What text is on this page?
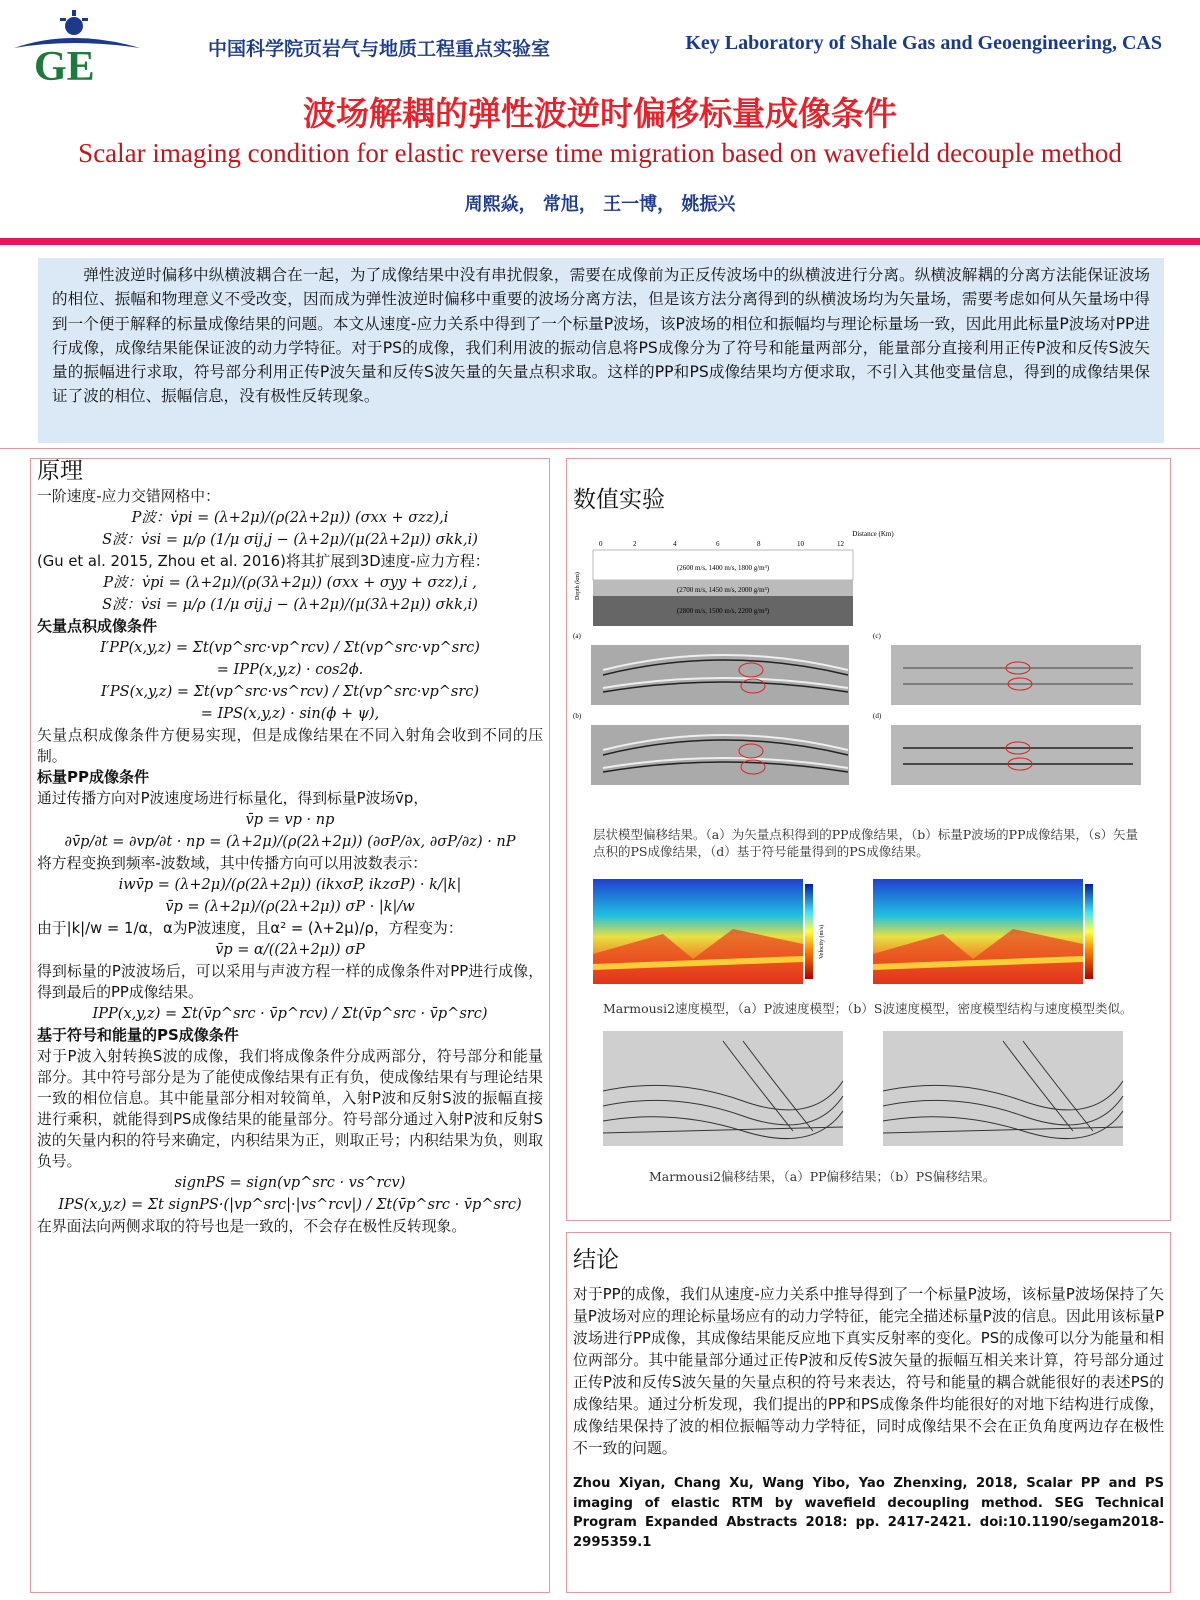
GE	中国科学院页岩气与地质工程重点实验室	Key Laboratory of Shale Gas and Geoengineering, CAS
波场解耦的弹性波逆时偏移标量成像条件
Scalar imaging condition for elastic reverse time migration based on wavefield decouple method
周熙焱， 常旭， 王一博， 姚振兴
弹性波逆时偏移中纵横波耦合在一起，为了成像结果中没有串扰假象，需要在成像前为正反传波场中的纵横波进行分离。纵横波解耦的分离方法能保证波场的相位、振幅和物理意义不受改变，因而成为弹性波逆时偏移中重要的波场分离方法，但是该方法分离得到的纵横波场均为矢量场，需要考虑如何从矢量场中得到一个便于解释的标量成像结果的问题。本文从速度-应力关系中得到了一个标量P波场，该P波场的相位和振幅均与理论标量场一致，因此用此标量P波场对PP进行成像，成像结果能保证波的动力学特征。对于PS的成像，我们利用波的振动信息将PS成像分为了符号和能量两部分，能量部分直接利用正传P波和反传S波矢量的振幅进行求取，符号部分利用正传P波矢量和反传S波矢量的矢量点积求取。这样的PP和PS成像结果均方便求取，不引入其他变量信息，得到的成像结果保证了波的相位、振幅信息，没有极性反转现象。
原理
一阶速度-应力交错网格中：
P波：v̇pi = (λ+2μ)/(ρ(2λ+2μ)) (σxx + σzz),i
S波：v̇si = μ/ρ (1/μ σij,j − (λ+2μ)/(μ(2λ+2μ)) σkk,i)
(Gu et al. 2015, Zhou et al. 2016)将其扩展到3D速度-应力方程：
P波：v̇pi = (λ+2μ)/(ρ(3λ+2μ)) (σxx + σyy + σzz),i ,
S波：v̇si = μ/ρ (1/μ σij,j − (λ+2μ)/(μ(3λ+2μ)) σkk,i)
矢量点积成像条件
I′PP(x,y,z) = Σt(vp^src·vp^rcv) / Σt(vp^src·vp^src)
= IPP(x,y,z) · cos2ϕ.
I′PS(x,y,z) = Σt(vp^src·vs^rcv) / Σt(vp^src·vp^src)
= IPS(x,y,z) · sin(ϕ + ψ),
矢量点积成像条件方便易实现，但是成像结果在不同入射角会收到不同的压制。
标量PP成像条件
通过传播方向对P波速度场进行标量化，得到标量P波场v̄p，
v̄p = vp · np
∂v̄p/∂t = ∂vp/∂t · np = (λ+2μ)/(ρ(2λ+2μ)) (∂σP/∂x, ∂σP/∂z) · nP
将方程变换到频率-波数域，其中传播方向可以用波数表示：
iwv̄p = (λ+2μ)/(ρ(2λ+2μ)) (ikxσP, ikzσP) · k/|k|
v̄p = (λ+2μ)/(ρ(2λ+2μ)) σP · |k|/w
由于|k|/w = 1/α，α为P波速度，且α² = (λ+2μ)/ρ，方程变为：
v̄p = α/((2λ+2μ)) σP
得到标量的P波波场后，可以采用与声波方程一样的成像条件对PP进行成像，得到最后的PP成像结果。
IPP(x,y,z) = Σt(v̄p^src · v̄p^rcv) / Σt(v̄p^src · v̄p^src)
基于符号和能量的PS成像条件
对于P波入射转换S波的成像，我们将成像条件分成两部分，符号部分和能量部分。其中符号部分是为了能使成像结果有正有负，使成像结果有与理论结果一致的相位信息。其中能量部分相对较简单，入射P波和反射S波的振幅直接进行乘积，就能得到PS成像结果的能量部分。符号部分通过入射P波和反射S波的矢量内积的符号来确定，内积结果为正，则取正号；内积结果为负，则取负号。
signPS = sign(vp^src · vs^rcv)
IPS(x,y,z) = Σt signPS·(|vp^src|·|vs^rcv|) / Σt(v̄p^src · v̄p^src)
在界面法向两侧求取的符号也是一致的，不会存在极性反转现象。
数值实验
Distance (Km)
0	2	4	6	8	10	12
(2600 m/s, 1400 m/s, 1800 g/m³)
(2700 m/s, 1450 m/s, 2000 g/m³)
(2800 m/s, 1500 m/s, 2200 g/m³)
Depth (km)
(a)
(b)
(c)
(d)
层状模型偏移结果。（a）为矢量点积得到的PP成像结果，（b）标量P波场的PP成像结果，（s）矢量点积的PS成像结果，（d）基于符号能量得到的PS成像结果。
Velocity (m/s)
Marmousi2速度模型，（a）P波速度模型；（b）S波速度模型，密度模型结构与速度模型类似。
Marmousi2偏移结果，（a）PP偏移结果；（b）PS偏移结果。
结论
对于PP的成像，我们从速度-应力关系中推导得到了一个标量P波场，该标量P波场保持了矢量P波场对应的理论标量场应有的动力学特征，能完全描述标量P波的信息。因此用该标量P波场进行PP成像，其成像结果能反应地下真实反射率的变化。PS的成像可以分为能量和相位两部分。其中能量部分通过正传P波和反传S波矢量的振幅互相关来计算，符号部分通过正传P波和反传S波矢量的矢量点积的符号来表达，符号和能量的耦合就能很好的表述PS的成像结果。通过分析发现，我们提出的PP和PS成像条件均能很好的对地下结构进行成像，成像结果保持了波的相位振幅等动力学特征，同时成像结果不会在正负角度两边存在极性不一致的问题。
Zhou Xiyan, Chang Xu, Wang Yibo, Yao Zhenxing, 2018, Scalar PP and PS imaging of elastic RTM by wavefield decoupling method. SEG Technical Program Expanded Abstracts 2018: pp. 2417-2421. doi:10.1190/segam2018-2995359.1
